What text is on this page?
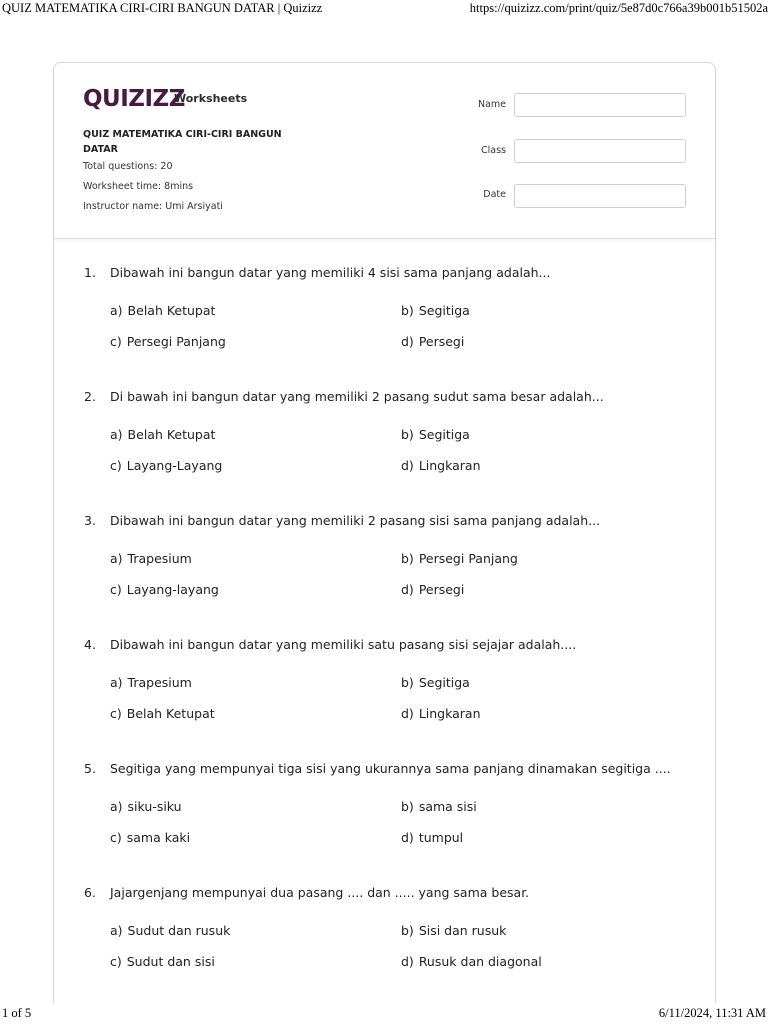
QUIZ MATEMATIKA CIRI-CIRI BANGUN DATAR | Quizizz	https://quizizz.com/print/quiz/5e87d0c766a39b001b51502a
QUIZIZZ
Worksheets
QUIZ MATEMATIKA CIRI-CIRI BANGUN DATAR
Total questions: 20
Worksheet time: 8mins
Instructor name: Umi Arsiyati
Name
Class
Date
1. Dibawah ini bangun datar yang memiliki 4 sisi sama panjang adalah...
a) Belah Ketupat	b) Segitiga
c) Persegi Panjang	d) Persegi
2. Di bawah ini bangun datar yang memiliki 2 pasang sudut sama besar adalah...
a) Belah Ketupat	b) Segitiga
c) Layang-Layang	d) Lingkaran
3. Dibawah ini bangun datar yang memiliki 2 pasang sisi sama panjang adalah...
a) Trapesium	b) Persegi Panjang
c) Layang-layang	d) Persegi
4. Dibawah ini bangun datar yang memiliki satu pasang sisi sejajar adalah....
a) Trapesium	b) Segitiga
c) Belah Ketupat	d) Lingkaran
5. Segitiga yang mempunyai tiga sisi yang ukurannya sama panjang dinamakan segitiga ....
a) siku-siku	b) sama sisi
c) sama kaki	d) tumpul
6. Jajargenjang mempunyai dua pasang .... dan ..... yang sama besar.
a) Sudut dan rusuk	b) Sisi dan rusuk
c) Sudut dan sisi	d) Rusuk dan diagonal
1 of 5	6/11/2024, 11:31 AM
